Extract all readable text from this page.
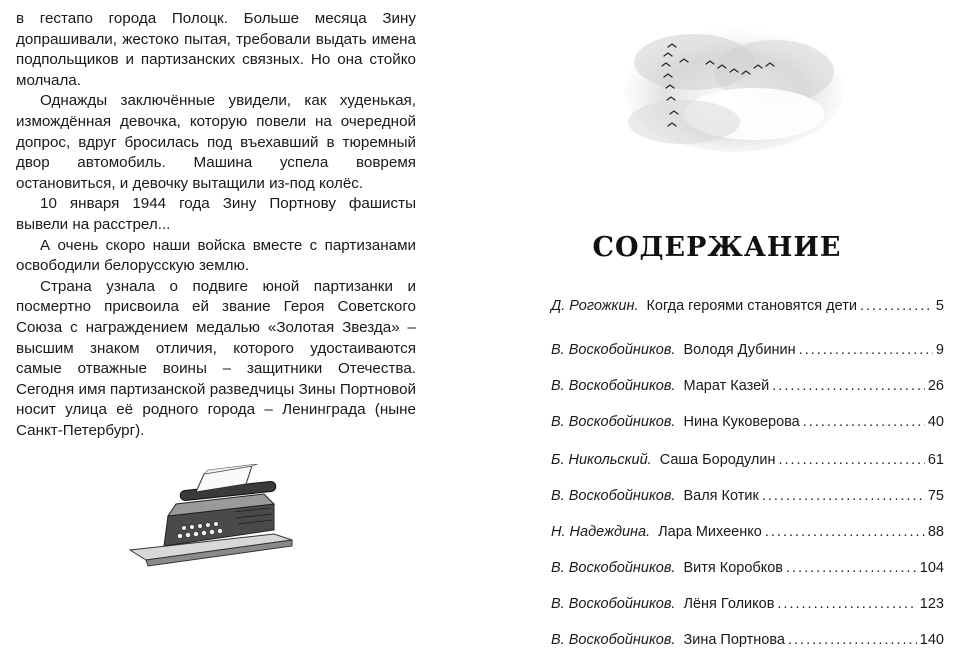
в гестапо города Полоцк. Больше месяца Зину допрашивали, жестоко пытая, требовали выдать имена подпольщиков и партизанских связных. Но она стойко молчала.

Однажды заключённые увидели, как худенькая, измождённая девочка, которую повели на очередной допрос, вдруг бросилась под въехавший в тюремный двор автомобиль. Машина успела вовремя остановиться, и девочку вытащили из-под колёс.

10 января 1944 года Зину Портнову фашисты вывели на расстрел...

А очень скоро наши войска вместе с партизанами освободили белорусскую землю.

Страна узнала о подвиге юной партизанки и посмертно присвоила ей звание Героя Советского Союза с награждением медалью «Золотая Звезда» – высшим знаком отличия, которого удостаиваются самые отважные воины – защитники Отечества. Сегодня имя партизанской разведчицы Зины Портновой носит улица её родного города – Ленинграда (ныне Санкт-Петербург).

СОДЕРЖАНИЕ
Д. Рогожкин. Когда героями становятся дети .....	5
В. Воскобойников. Володя Дубинин .....	9
В. Воскобойников. Марат Казей .....	26
В. Воскобойников. Нина Куковерова .....	40
Б. Никольский. Саша Бородулин .....	61
В. Воскобойников. Валя Котик .....	75
Н. Надеждина. Лара Михеенко .....	88
В. Воскобойников. Витя Коробков .....	104
В. Воскобойников. Лёня Голиков .....	123
В. Воскобойников. Зина Портнова .....	140
